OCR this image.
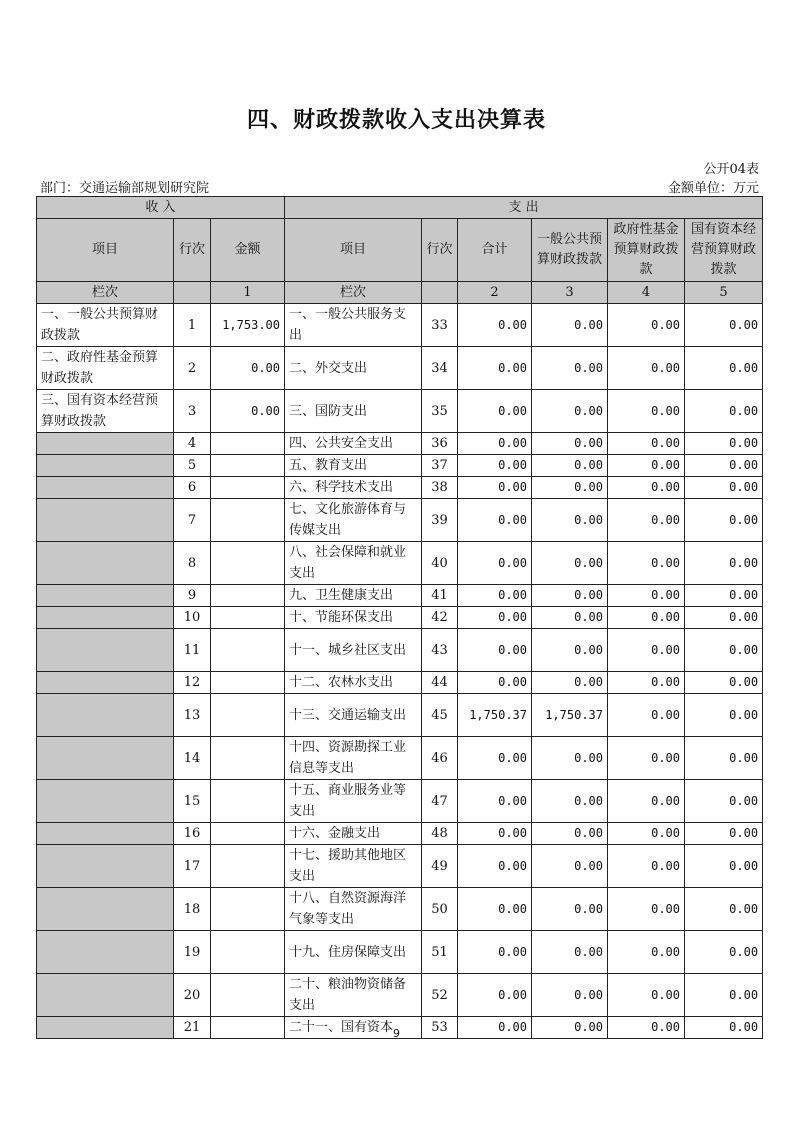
四、财政拨款收入支出决算表
公开04表
部门：交通运输部规划研究院	金额单位：万元
收 入			支 出					
项目	行次	金额	项目	行次	合计	一般公共预算财政拨款	政府性基金预算财政拨款	国有资本经营预算财政拨款
栏次		1	栏次		2	3	4	5
一、一般公共预算财政拨款	1	1,753.00	一、一般公共服务支出	33	0.00	0.00	0.00	0.00
二、政府性基金预算财政拨款	2	0.00	二、外交支出	34	0.00	0.00	0.00	0.00
三、国有资本经营预算财政拨款	3	0.00	三、国防支出	35	0.00	0.00	0.00	0.00
	4		四、公共安全支出	36	0.00	0.00	0.00	0.00
	5		五、教育支出	37	0.00	0.00	0.00	0.00
	6		六、科学技术支出	38	0.00	0.00	0.00	0.00
	7		七、文化旅游体育与传媒支出	39	0.00	0.00	0.00	0.00
	8		八、社会保障和就业支出	40	0.00	0.00	0.00	0.00
	9		九、卫生健康支出	41	0.00	0.00	0.00	0.00
	10		十、节能环保支出	42	0.00	0.00	0.00	0.00
	11		十一、城乡社区支出	43	0.00	0.00	0.00	0.00
	12		十二、农林水支出	44	0.00	0.00	0.00	0.00
	13		十三、交通运输支出	45	1,750.37	1,750.37	0.00	0.00
	14		十四、资源勘探工业信息等支出	46	0.00	0.00	0.00	0.00
	15		十五、商业服务业等支出	47	0.00	0.00	0.00	0.00
	16		十六、金融支出	48	0.00	0.00	0.00	0.00
	17		十七、援助其他地区支出	49	0.00	0.00	0.00	0.00
	18		十八、自然资源海洋气象等支出	50	0.00	0.00	0.00	0.00
	19		十九、住房保障支出	51	0.00	0.00	0.00	0.00
	20		二十、粮油物资储备支出	52	0.00	0.00	0.00	0.00
	21		二十一、国有资本	53	0.00	0.00	0.00	0.00
9
